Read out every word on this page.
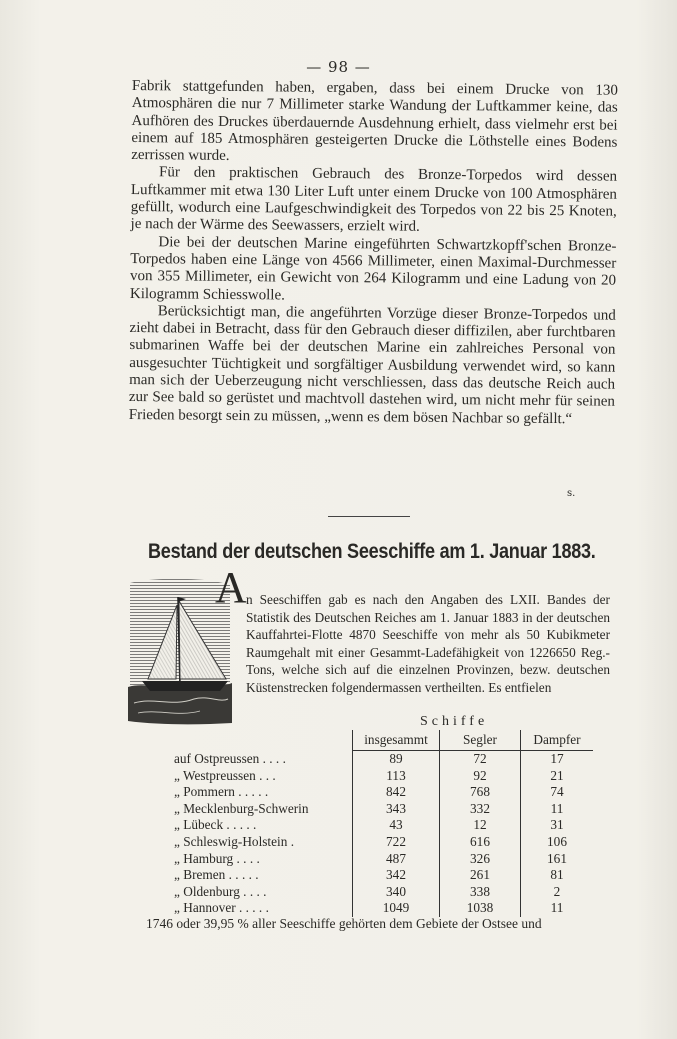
— 98 —

Fabrik stattgefunden haben, ergaben, dass bei einem Drucke von 130 Atmosphären die nur 7 Millimeter starke Wandung der Luftkammer keine, das Aufhören des Druckes überdauernde Ausdehnung erhielt, dass vielmehr erst bei einem auf 185 Atmosphären gesteigerten Drucke die Löthstelle eines Bodens zerrissen wurde.

Für den praktischen Gebrauch des Bronze-Torpedos wird dessen Luftkammer mit etwa 130 Liter Luft unter einem Drucke von 100 Atmosphären gefüllt, wodurch eine Laufgeschwindigkeit des Torpedos von 22 bis 25 Knoten, je nach der Wärme des Seewassers, erzielt wird.

Die bei der deutschen Marine eingeführten Schwartzkopff'schen Bronze-Torpedos haben eine Länge von 4566 Millimeter, einen Maximal-Durchmesser von 355 Millimeter, ein Gewicht von 264 Kilogramm und eine Ladung von 20 Kilogramm Schiesswolle.

Berücksichtigt man, die angeführten Vorzüge dieser Bronze-Torpedos und zieht dabei in Betracht, dass für den Gebrauch dieser diffizilen, aber furchtbaren submarinen Waffe bei der deutschen Marine ein zahlreiches Personal von ausgesuchter Tüchtigkeit und sorgfältiger Ausbildung verwendet wird, so kann man sich der Ueberzeugung nicht verschliessen, dass das deutsche Reich auch zur See bald so gerüstet und machtvoll dastehen wird, um nicht mehr für seinen Frieden besorgt sein zu müssen, „wenn es dem bösen Nachbar so gefällt.“

s.
Bestand der deutschen Seeschiffe am 1. Januar 1883.
A n Seeschiffen gab es nach den Angaben des LXII. Bandes der Statistik des Deutschen Reiches am 1. Januar 1883 in der deutschen Kauffahrtei-Flotte 4870 Seeschiffe von mehr als 50 Kubikmeter Raumgehalt mit einer Gesammt-Ladefähigkeit von 1226650 Reg.-Tons, welche sich auf die einzelnen Provinzen, bezw. deutschen Küstenstrecken folgendermassen vertheilten. Es entfielen
Schiffe
	insgesammt	Segler	Dampfer
auf Ostpreussen . . . .	89	72	17
„ Westpreussen . . .	113	92	21
„ Pommern . . . . .	842	768	74
„ Mecklenburg-Schwerin	343	332	11
„ Lübeck . . . . .	43	12	31
„ Schleswig-Holstein .	722	616	106
„ Hamburg . . . .	487	326	161
„ Bremen . . . . .	342	261	81
„ Oldenburg . . . .	340	338	2
„ Hannover . . . . .	1049	1038	11
1746 oder 39,95 % aller Seeschiffe gehörten dem Gebiete der Ostsee und
